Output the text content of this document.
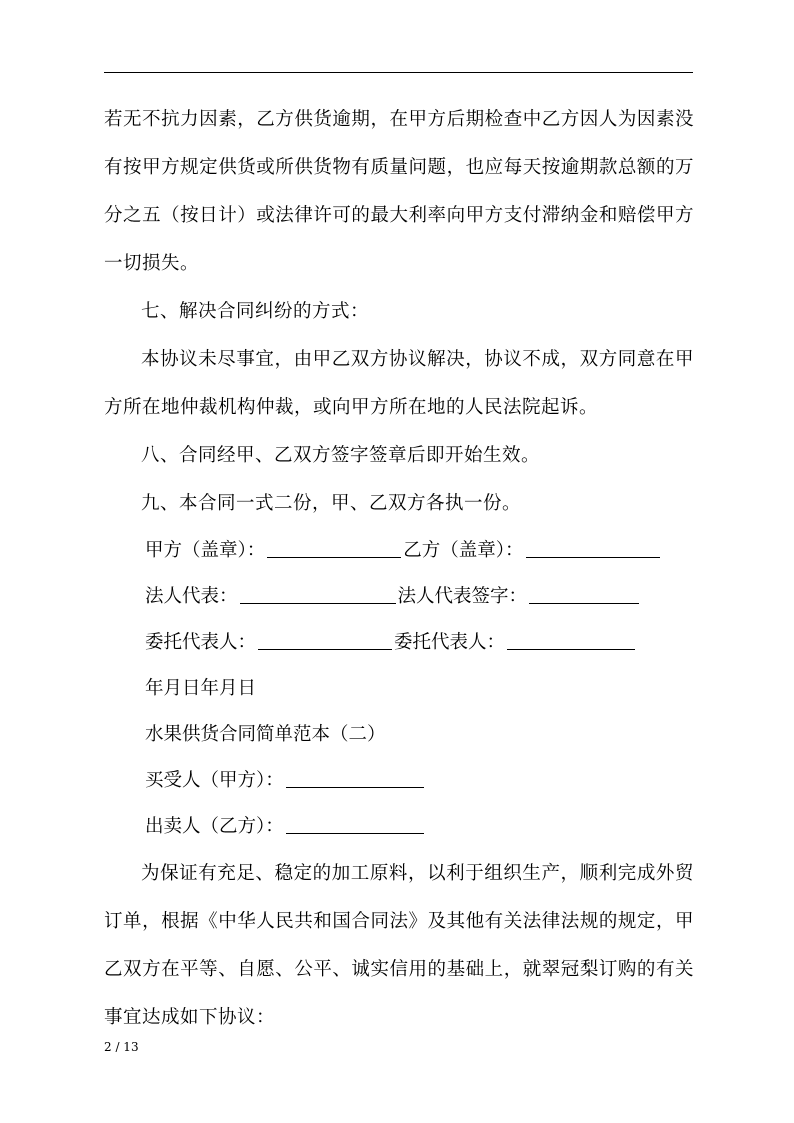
若无不抗力因素，乙方供货逾期，在甲方后期检查中乙方因人为因素没有按甲方规定供货或所供货物有质量问题，也应每天按逾期款总额的万分之五（按日计）或法律许可的最大利率向甲方支付滞纳金和赔偿甲方一切损失。

七、解决合同纠纷的方式：

本协议未尽事宜，由甲乙双方协议解决，协议不成，双方同意在甲方所在地仲裁机构仲裁，或向甲方所在地的人民法院起诉。

八、合同经甲、乙双方签字签章后即开始生效。

九、本合同一式二份，甲、乙双方各执一份。

甲方（盖章）：	乙方（盖章）：

法人代表：	法人代表签字：

委托代表人：	委托代表人：

年月日年月日

水果供货合同简单范本（二）

买受人（甲方）：

出卖人（乙方）：

为保证有充足、稳定的加工原料，以利于组织生产，顺利完成外贸订单，根据《中华人民共和国合同法》及其他有关法律法规的规定，甲乙双方在平等、自愿、公平、诚实信用的基础上，就翠冠梨订购的有关事宜达成如下协议：

2 / 13
